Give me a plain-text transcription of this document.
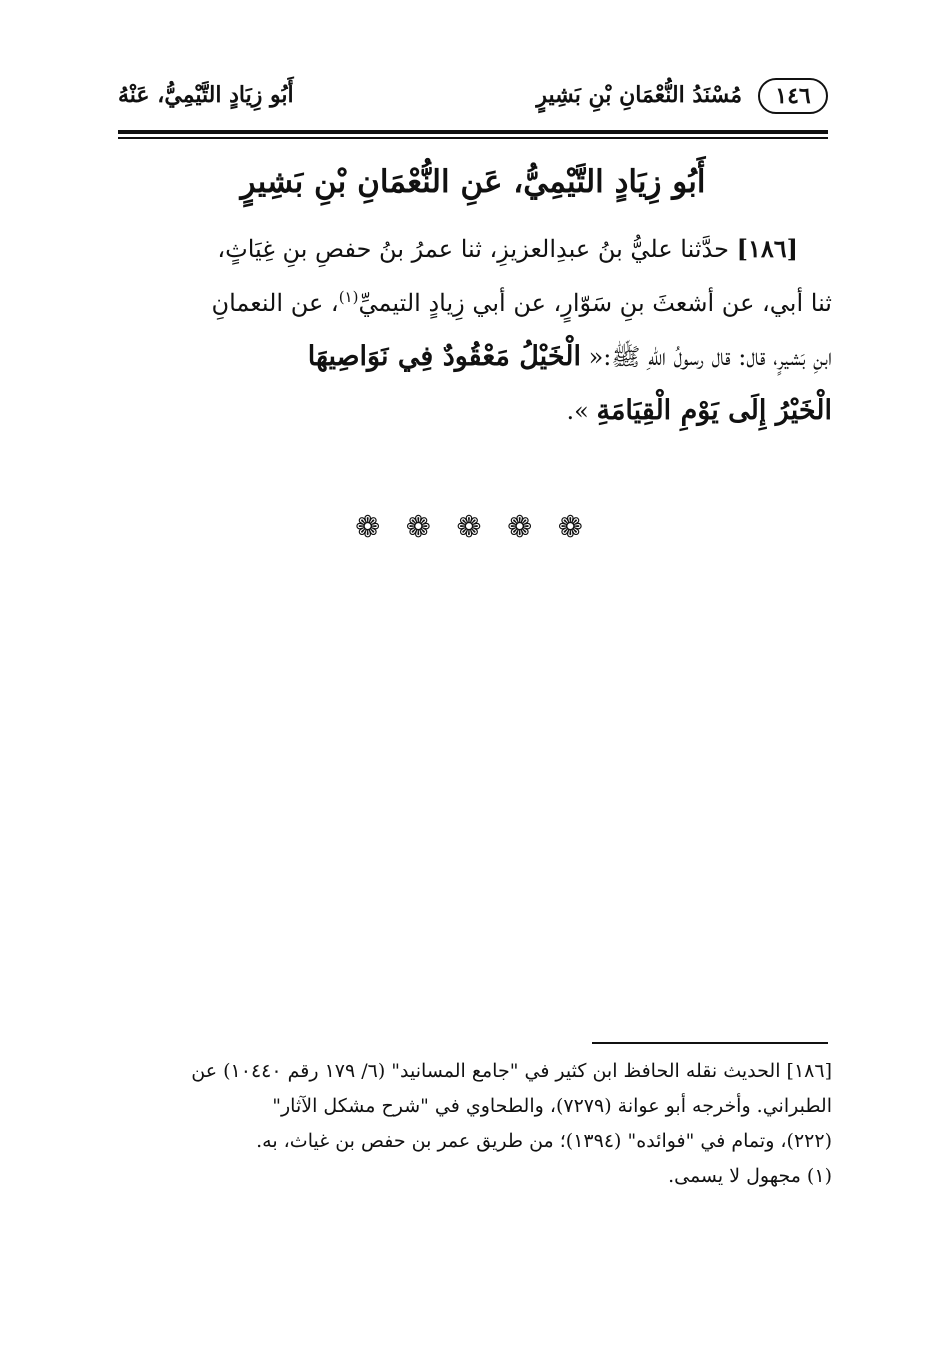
١٤٦
مُسْنَدُ النُّعْمَانِ بْنِ بَشِيرٍ
أَبُو زِيَادٍ التَّيْمِيُّ، عَنْهُ
أَبُو زِيَادٍ التَّيْمِيُّ، عَنِ النُّعْمَانِ بْنِ بَشِيرٍ
[١٨٦] حدَّثنا عليُّ بنُ عبدِالعزيزِ، ثنا عمرُ بنُ حفصِ بنِ غِيَاثٍ،
ثنا أبي، عن أشعثَ بنِ سَوّارٍ، عن أبي زِيادٍ التيميِّ$^{(١)}$، عن النعمانِ
ابنِ بَشيرٍ، قال: قال رسولُ اللهِ ﷺ:« الْخَيْلُ مَعْقُودٌ فِي نَوَاصِيهَا
الْخَيْرُ إِلَى يَوْمِ الْقِيَامَةِ ».
❁ ❁ ❁ ❁ ❁
[١٨٦] الحديث نقله الحافظ ابن كثير في "جامع المسانيد" (٦/ ١٧٩ رقم ١٠٤٤٠) عن
الطبراني. وأخرجه أبو عوانة (٧٢٧٩)، والطحاوي في "شرح مشكل الآثار"
(٢٢٢)، وتمام في "فوائده" (١٣٩٤)؛ من طريق عمر بن حفص بن غياث، به.
(١) مجهول لا يسمى.
